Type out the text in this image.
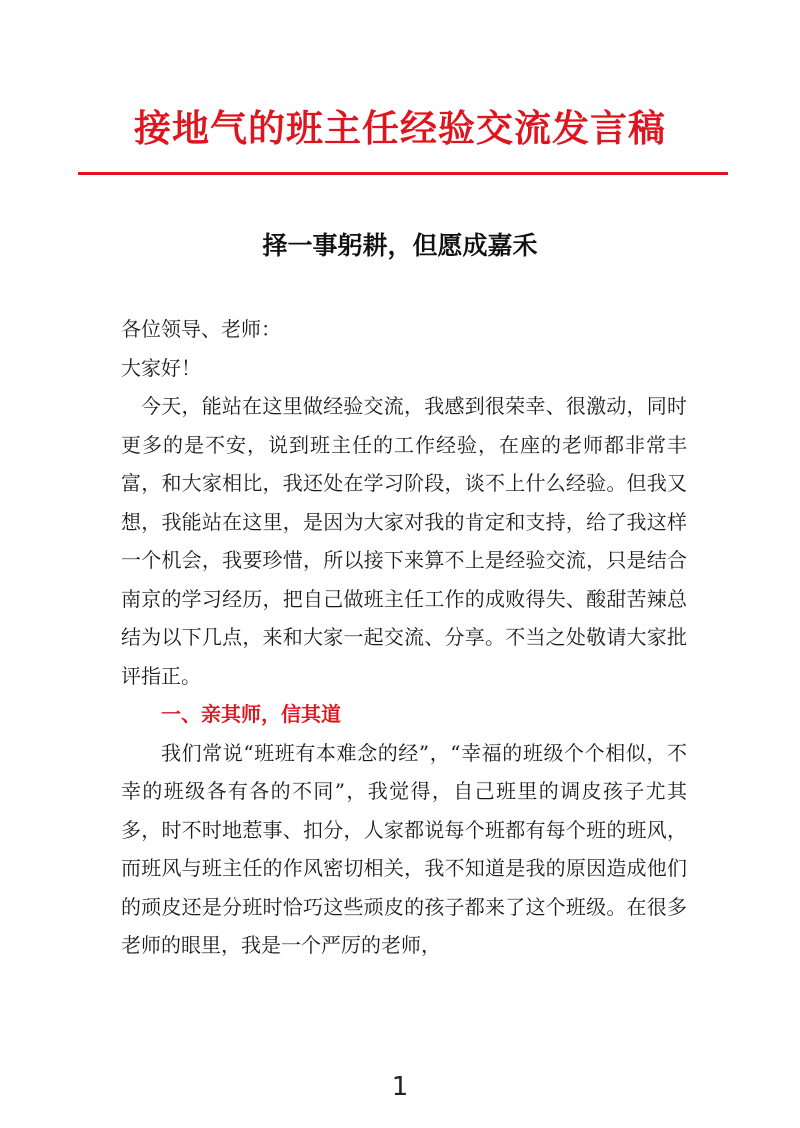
接地气的班主任经验交流发言稿
择一事躬耕，但愿成嘉禾

各位领导、老师：

大家好！

今天，能站在这里做经验交流，我感到很荣幸、很激动，同时更多的是不安，说到班主任的工作经验，在座的老师都非常丰富，和大家相比，我还处在学习阶段，谈不上什么经验。但我又想，我能站在这里，是因为大家对我的肯定和支持，给了我这样一个机会，我要珍惜，所以接下来算不上是经验交流，只是结合南京的学习经历，把自己做班主任工作的成败得失、酸甜苦辣总结为以下几点，来和大家一起交流、分享。不当之处敬请大家批评指正。

一、亲其师，信其道

我们常说“班班有本难念的经”，“幸福的班级个个相似，不幸的班级各有各的不同”，我觉得，自己班里的调皮孩子尤其多，时不时地惹事、扣分，人家都说每个班都有每个班的班风，而班风与班主任的作风密切相关，我不知道是我的原因造成他们的顽皮还是分班时恰巧这些顽皮的孩子都来了这个班级。在很多老师的眼里，我是一个严厉的老师，

1
